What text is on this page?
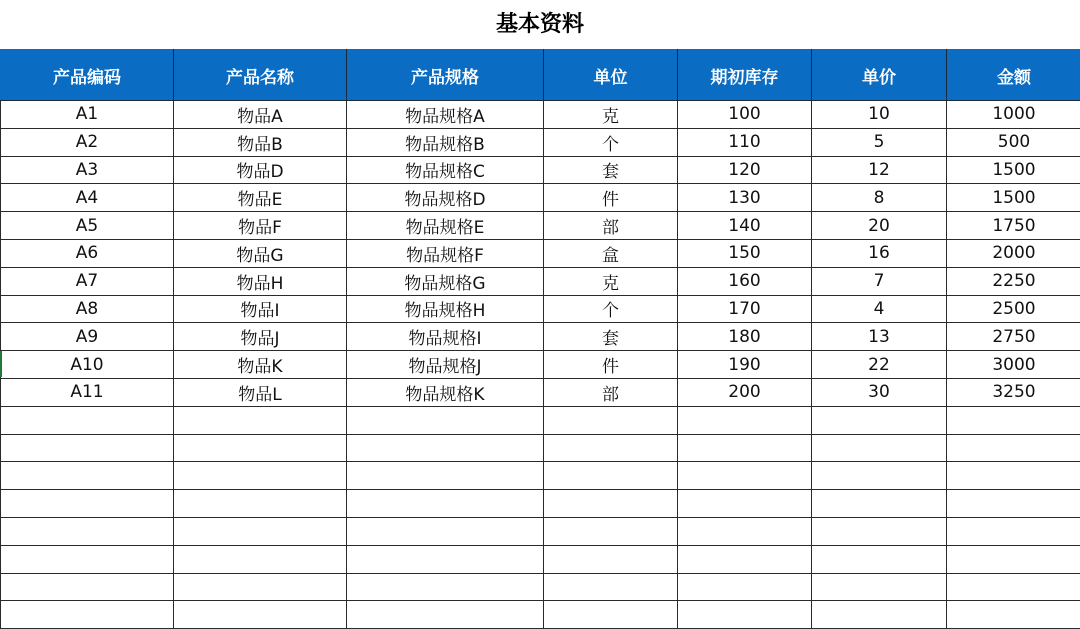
基本资料
产品编码	产品名称	产品规格	单位	期初库存	单价	金额
A1	物品A	物品规格A	克	100	10	1000
A2	物品B	物品规格B	个	110	5	500
A3	物品D	物品规格C	套	120	12	1500
A4	物品E	物品规格D	件	130	8	1500
A5	物品F	物品规格E	部	140	20	1750
A6	物品G	物品规格F	盒	150	16	2000
A7	物品H	物品规格G	克	160	7	2250
A8	物品I	物品规格H	个	170	4	2500
A9	物品J	物品规格I	套	180	13	2750
A10	物品K	物品规格J	件	190	22	3000
A11	物品L	物品规格K	部	200	30	3250
